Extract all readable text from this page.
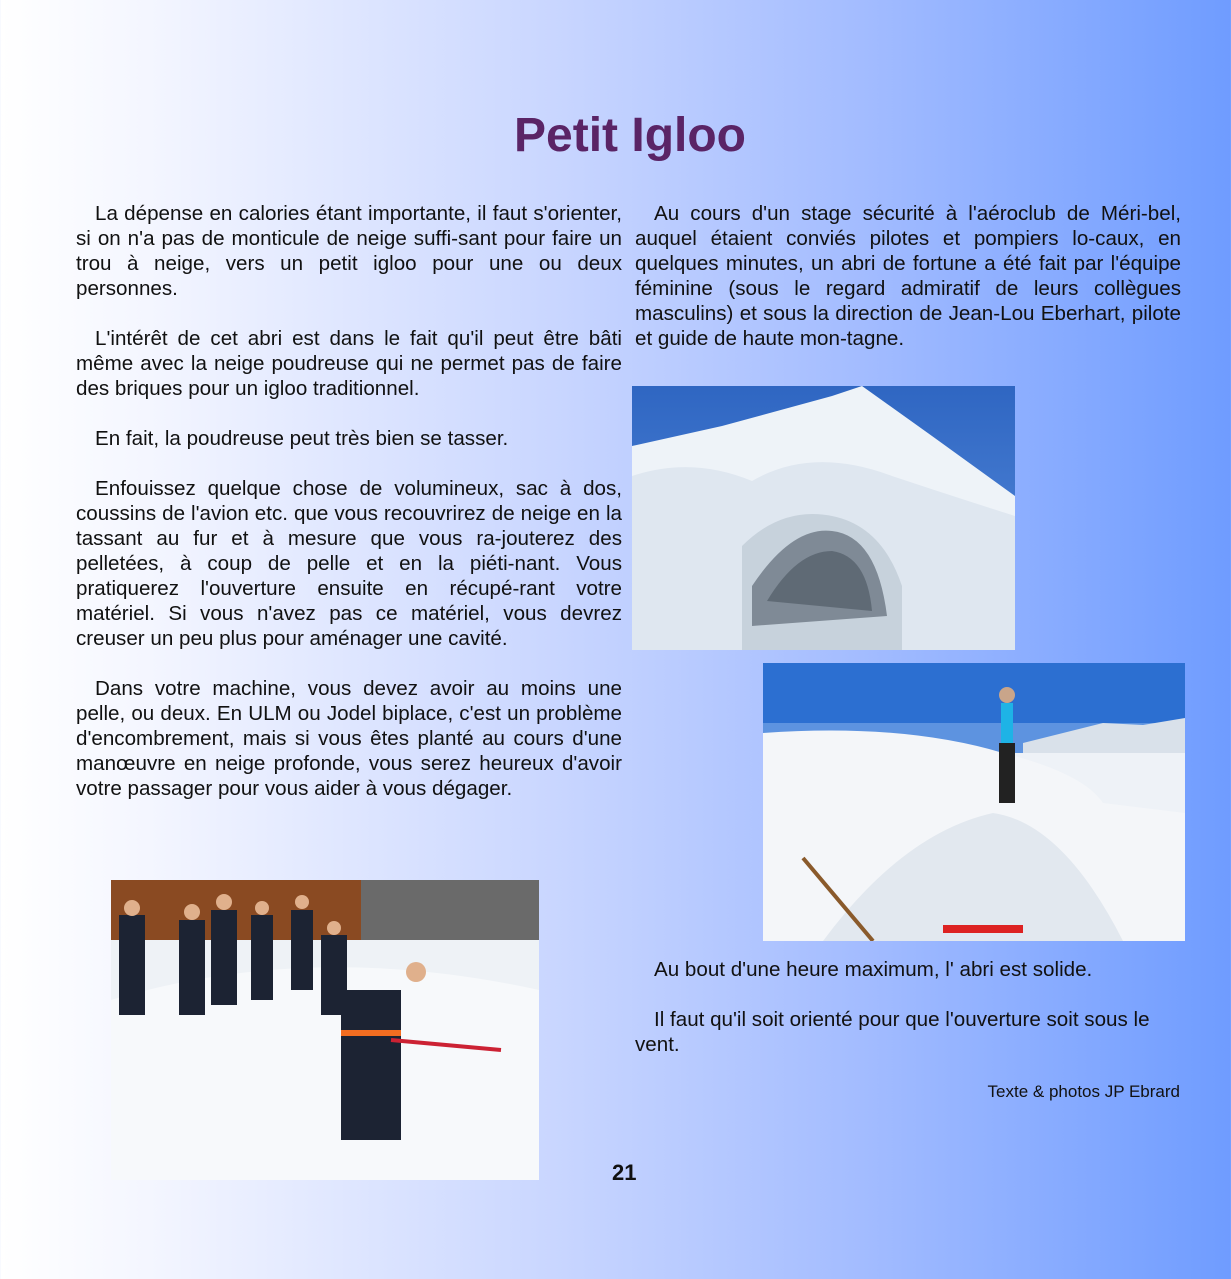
Petit Igloo

La dépense en calories étant importante, il faut s'orienter, si on n'a pas de monticule de neige suffi-sant pour faire un trou à neige, vers un petit igloo pour une ou deux personnes.

L'intérêt de cet abri est dans le fait qu'il peut être bâti même avec la neige poudreuse qui ne permet pas de faire des briques pour un igloo traditionnel.

En fait, la poudreuse peut très bien se tasser.

Enfouissez quelque chose de volumineux, sac à dos, coussins de l'avion etc. que vous recouvrirez de neige en la tassant au fur et à mesure que vous ra-jouterez des pelletées, à coup de pelle et en la piéti-nant. Vous pratiquerez l'ouverture ensuite en récupé-rant votre matériel. Si vous n'avez pas ce matériel, vous devrez creuser un peu plus pour aménager une cavité.

Dans votre machine, vous devez avoir au moins une pelle, ou deux. En ULM ou Jodel biplace, c'est un problème d'encombrement, mais si vous êtes planté au cours d'une manœuvre en neige profonde, vous serez heureux d'avoir votre passager pour vous aider à vous dégager.

Au cours d'un stage sécurité à l'aéroclub de Méri-bel, auquel étaient conviés pilotes et pompiers lo-caux, en quelques minutes, un abri de fortune a été fait par l'équipe féminine (sous le regard admiratif de leurs collègues masculins) et sous la direction de Jean-Lou Eberhart, pilote et guide de haute mon-tagne.

Au bout d'une heure maximum, l' abri est solide.

Il faut qu'il soit orienté pour que l'ouverture soit sous le vent.

Texte & photos JP Ebrard
21
